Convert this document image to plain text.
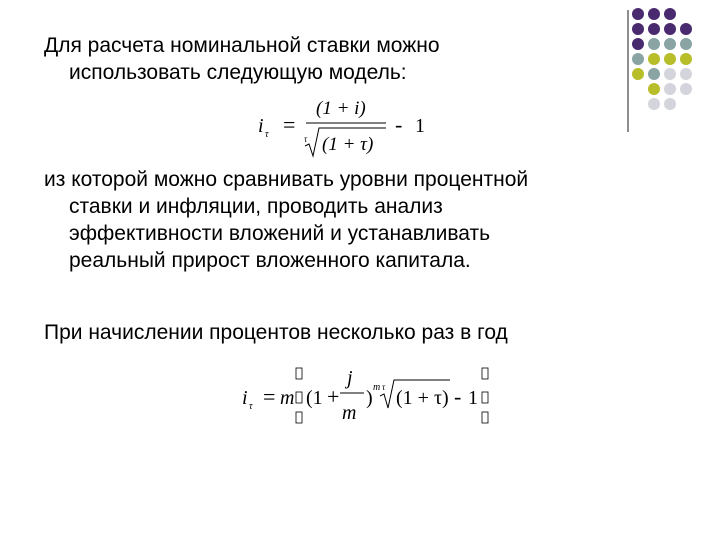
Для расчета номинальной ставки можно
использовать следующую модель:
i τ =
(1 + i)
τ (1 + τ)
- 1
из которой можно сравнивать уровни процентной
ставки и инфляции, проводить анализ
эффективности вложений и устанавливать
реальный прирост вложенного капитала.
При начислении процентов несколько раз в год
i τ = m (1 +
j
m
) m τ (1 + τ) - 1
